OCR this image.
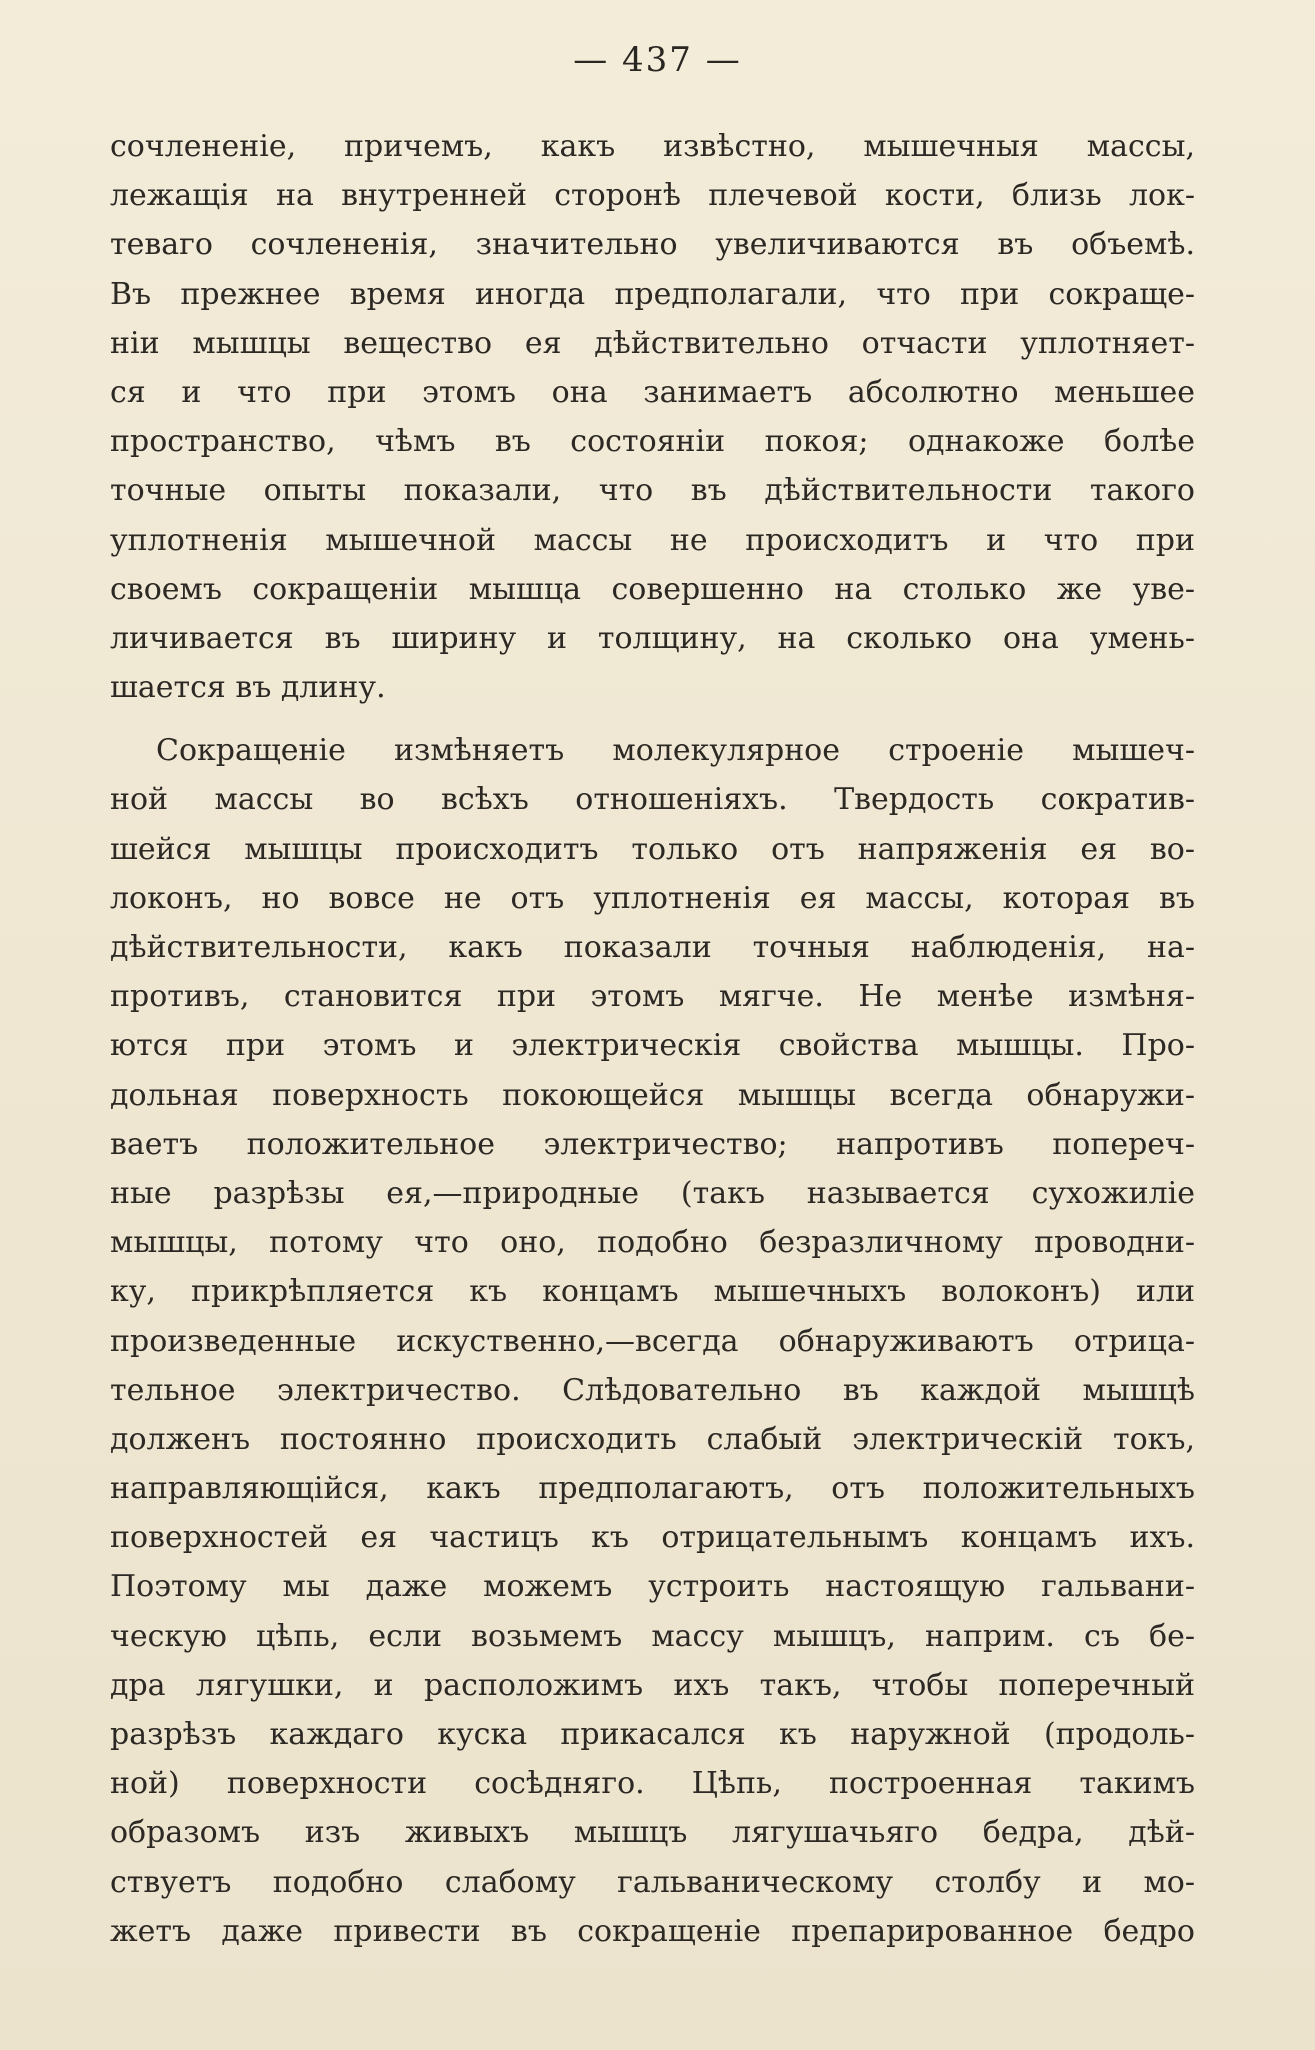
— 437 —
сочлененіе, причемъ, какъ извѣстно, мышечныя массы,
лежащія на внутренней сторонѣ плечевой кости, близь лок-
теваго сочлененія, значительно увеличиваются въ объемѣ.
Въ прежнее время иногда предполагали, что при сокраще-
ніи мышцы вещество ея дѣйствительно отчасти уплотняет-
ся и что при этомъ она занимаетъ абсолютно меньшее
пространство, чѣмъ въ состояніи покоя; однакоже болѣе
точные опыты показали, что въ дѣйствительности такого
уплотненія мышечной массы не происходитъ и что при
своемъ сокращеніи мышца совершенно на столько же уве-
личивается въ ширину и толщину, на сколько она умень-
шается въ длину.
Сокращеніе измѣняетъ молекулярное строеніе мышеч-
ной массы во всѣхъ отношеніяхъ. Твердость сократив-
шейся мышцы происходитъ только отъ напряженія ея во-
локонъ, но вовсе не отъ уплотненія ея массы, которая въ
дѣйствительности, какъ показали точныя наблюденія, на-
противъ, становится при этомъ мягче. Не менѣе измѣня-
ются при этомъ и электрическія свойства мышцы. Про-
дольная поверхность покоющейся мышцы всегда обнаружи-
ваетъ положительное электричество; напротивъ попереч-
ные разрѣзы ея,—природные (такъ называется сухожиліе
мышцы, потому что оно, подобно безразличному проводни-
ку, прикрѣпляется къ концамъ мышечныхъ волоконъ) или
произведенные искуственно,—всегда обнаруживаютъ отрица-
тельное электричество. Слѣдовательно въ каждой мышцѣ
долженъ постоянно происходить слабый электрическій токъ,
направляющійся, какъ предполагаютъ, отъ положительныхъ
поверхностей ея частицъ къ отрицательнымъ концамъ ихъ.
Поэтому мы даже можемъ устроить настоящую гальвани-
ческую цѣпь, если возьмемъ массу мышцъ, наприм. съ бе-
дра лягушки, и расположимъ ихъ такъ, чтобы поперечный
разрѣзъ каждаго куска прикасался къ наружной (продоль-
ной) поверхности сосѣдняго. Цѣпь, построенная такимъ
образомъ изъ живыхъ мышцъ лягушачьяго бедра, дѣй-
ствуетъ подобно слабому гальваническому столбу и мо-
жетъ даже привести въ сокращеніе препарированное бедро
